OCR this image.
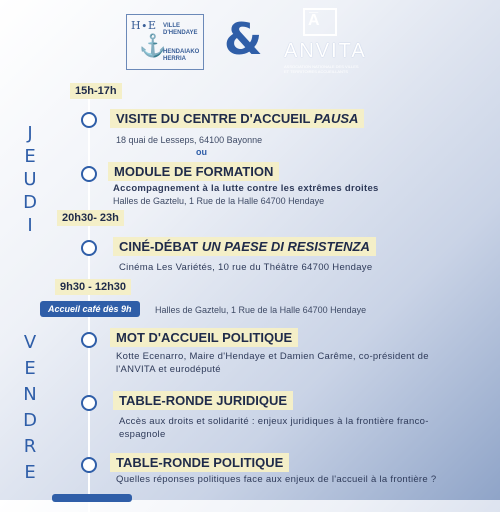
H∙E
⚓
VILLE
D'HENDAYE
HENDAIAKO
HERRIA &	A̅
ANVITA
ASSOCIATION NATIONALE DES VILLES ET TERRITOIRES ACCUEILLANTS
J
E
U
D
I
V
E
N
D
R
E
15h-17h
VISITE DU CENTRE D'ACCUEIL PAUSA
18 quai de Lesseps, 64100 Bayonne
ou
MODULE DE FORMATION
Accompagnement à la lutte contre les extrêmes droites
Halles de Gaztelu, 1 Rue de la Halle 64700 Hendaye
20h30- 23h
CINÉ-DÉBAT UN PAESE DI RESISTENZA
Cinéma Les Variétés, 10 rue du Théâtre 64700 Hendaye
9h30 - 12h30
Accueil café dès 9h	Halles de Gaztelu, 1 Rue de la Halle 64700 Hendaye
MOT D'ACCUEIL POLITIQUE
Kotte Ecenarro, Maire d'Hendaye et Damien Carême, co-président de
l'ANVITA et eurodéputé
TABLE-RONDE JURIDIQUE
Accès aux droits et solidarité : enjeux juridiques à la frontière franco-
espagnole
TABLE-RONDE POLITIQUE
Quelles réponses politiques face aux enjeux de l'accueil à la frontière ?
